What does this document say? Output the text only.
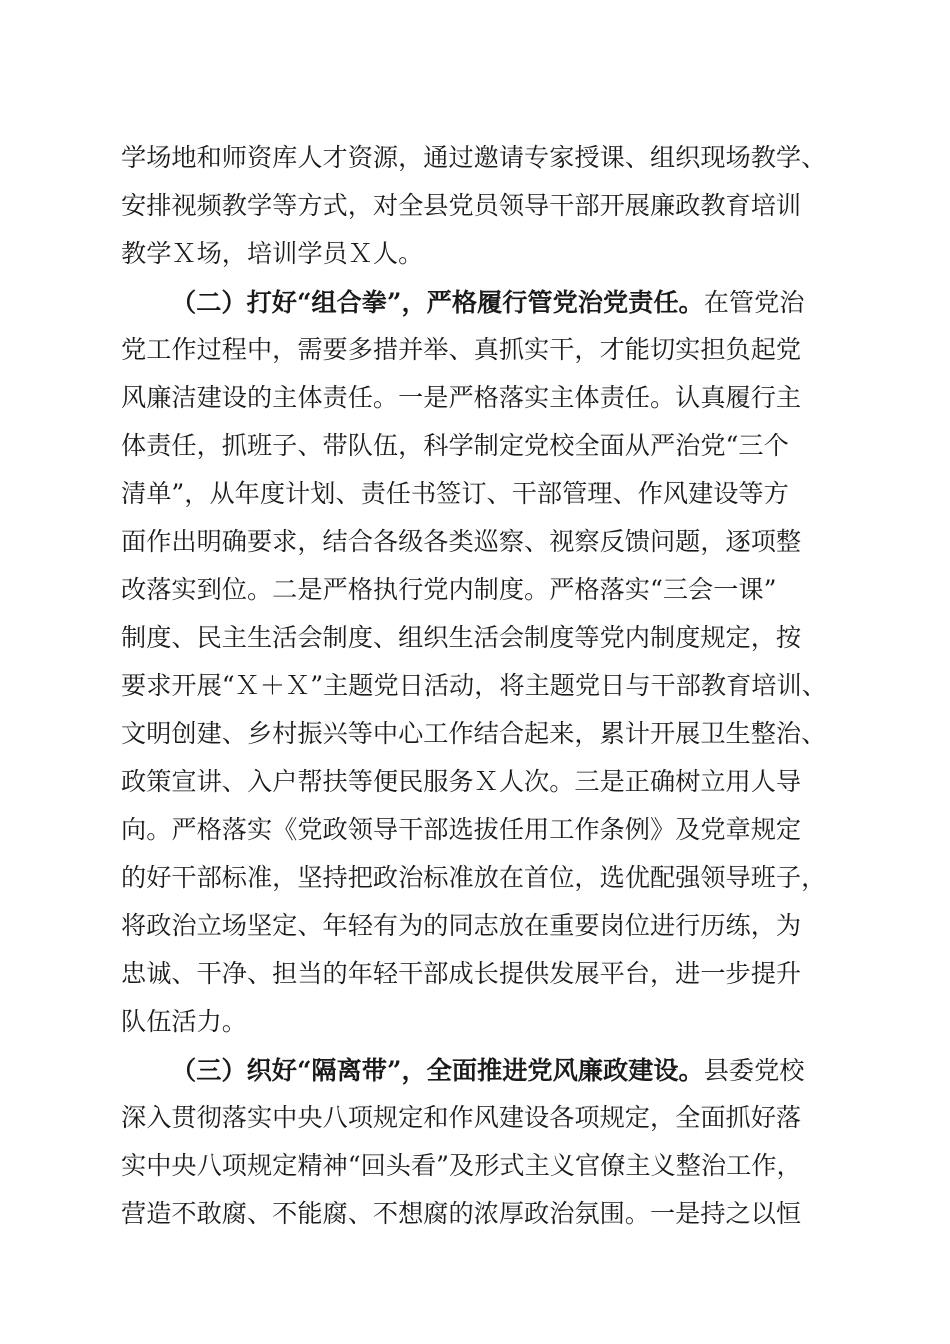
学场地和师资库人才资源，通过邀请专家授课、组织现场教学、
安排视频教学等方式，对全县党员领导干部开展廉政教育培训
教学Ｘ场，培训学员Ｘ人。
（二）打好“组合拳”，严格履行管党治党责任。在管党治
党工作过程中，需要多措并举、真抓实干，才能切实担负起党
风廉洁建设的主体责任。一是严格落实主体责任。认真履行主
体责任，抓班子、带队伍，科学制定党校全面从严治党“三个
清单”，从年度计划、责任书签订、干部管理、作风建设等方
面作出明确要求，结合各级各类巡察、视察反馈问题，逐项整
改落实到位。二是严格执行党内制度。严格落实“三会一课”
制度、民主生活会制度、组织生活会制度等党内制度规定，按
要求开展“Ｘ＋Ｘ”主题党日活动，将主题党日与干部教育培训、
文明创建、乡村振兴等中心工作结合起来，累计开展卫生整治、
政策宣讲、入户帮扶等便民服务Ｘ人次。三是正确树立用人导
向。严格落实《党政领导干部选拔任用工作条例》及党章规定
的好干部标准，坚持把政治标准放在首位，选优配强领导班子，
将政治立场坚定、年轻有为的同志放在重要岗位进行历练，为
忠诚、干净、担当的年轻干部成长提供发展平台，进一步提升
队伍活力。
（三）织好“隔离带”，全面推进党风廉政建设。县委党校
深入贯彻落实中央八项规定和作风建设各项规定，全面抓好落
实中央八项规定精神“回头看”及形式主义官僚主义整治工作，
营造不敢腐、不能腐、不想腐的浓厚政治氛围。一是持之以恒
